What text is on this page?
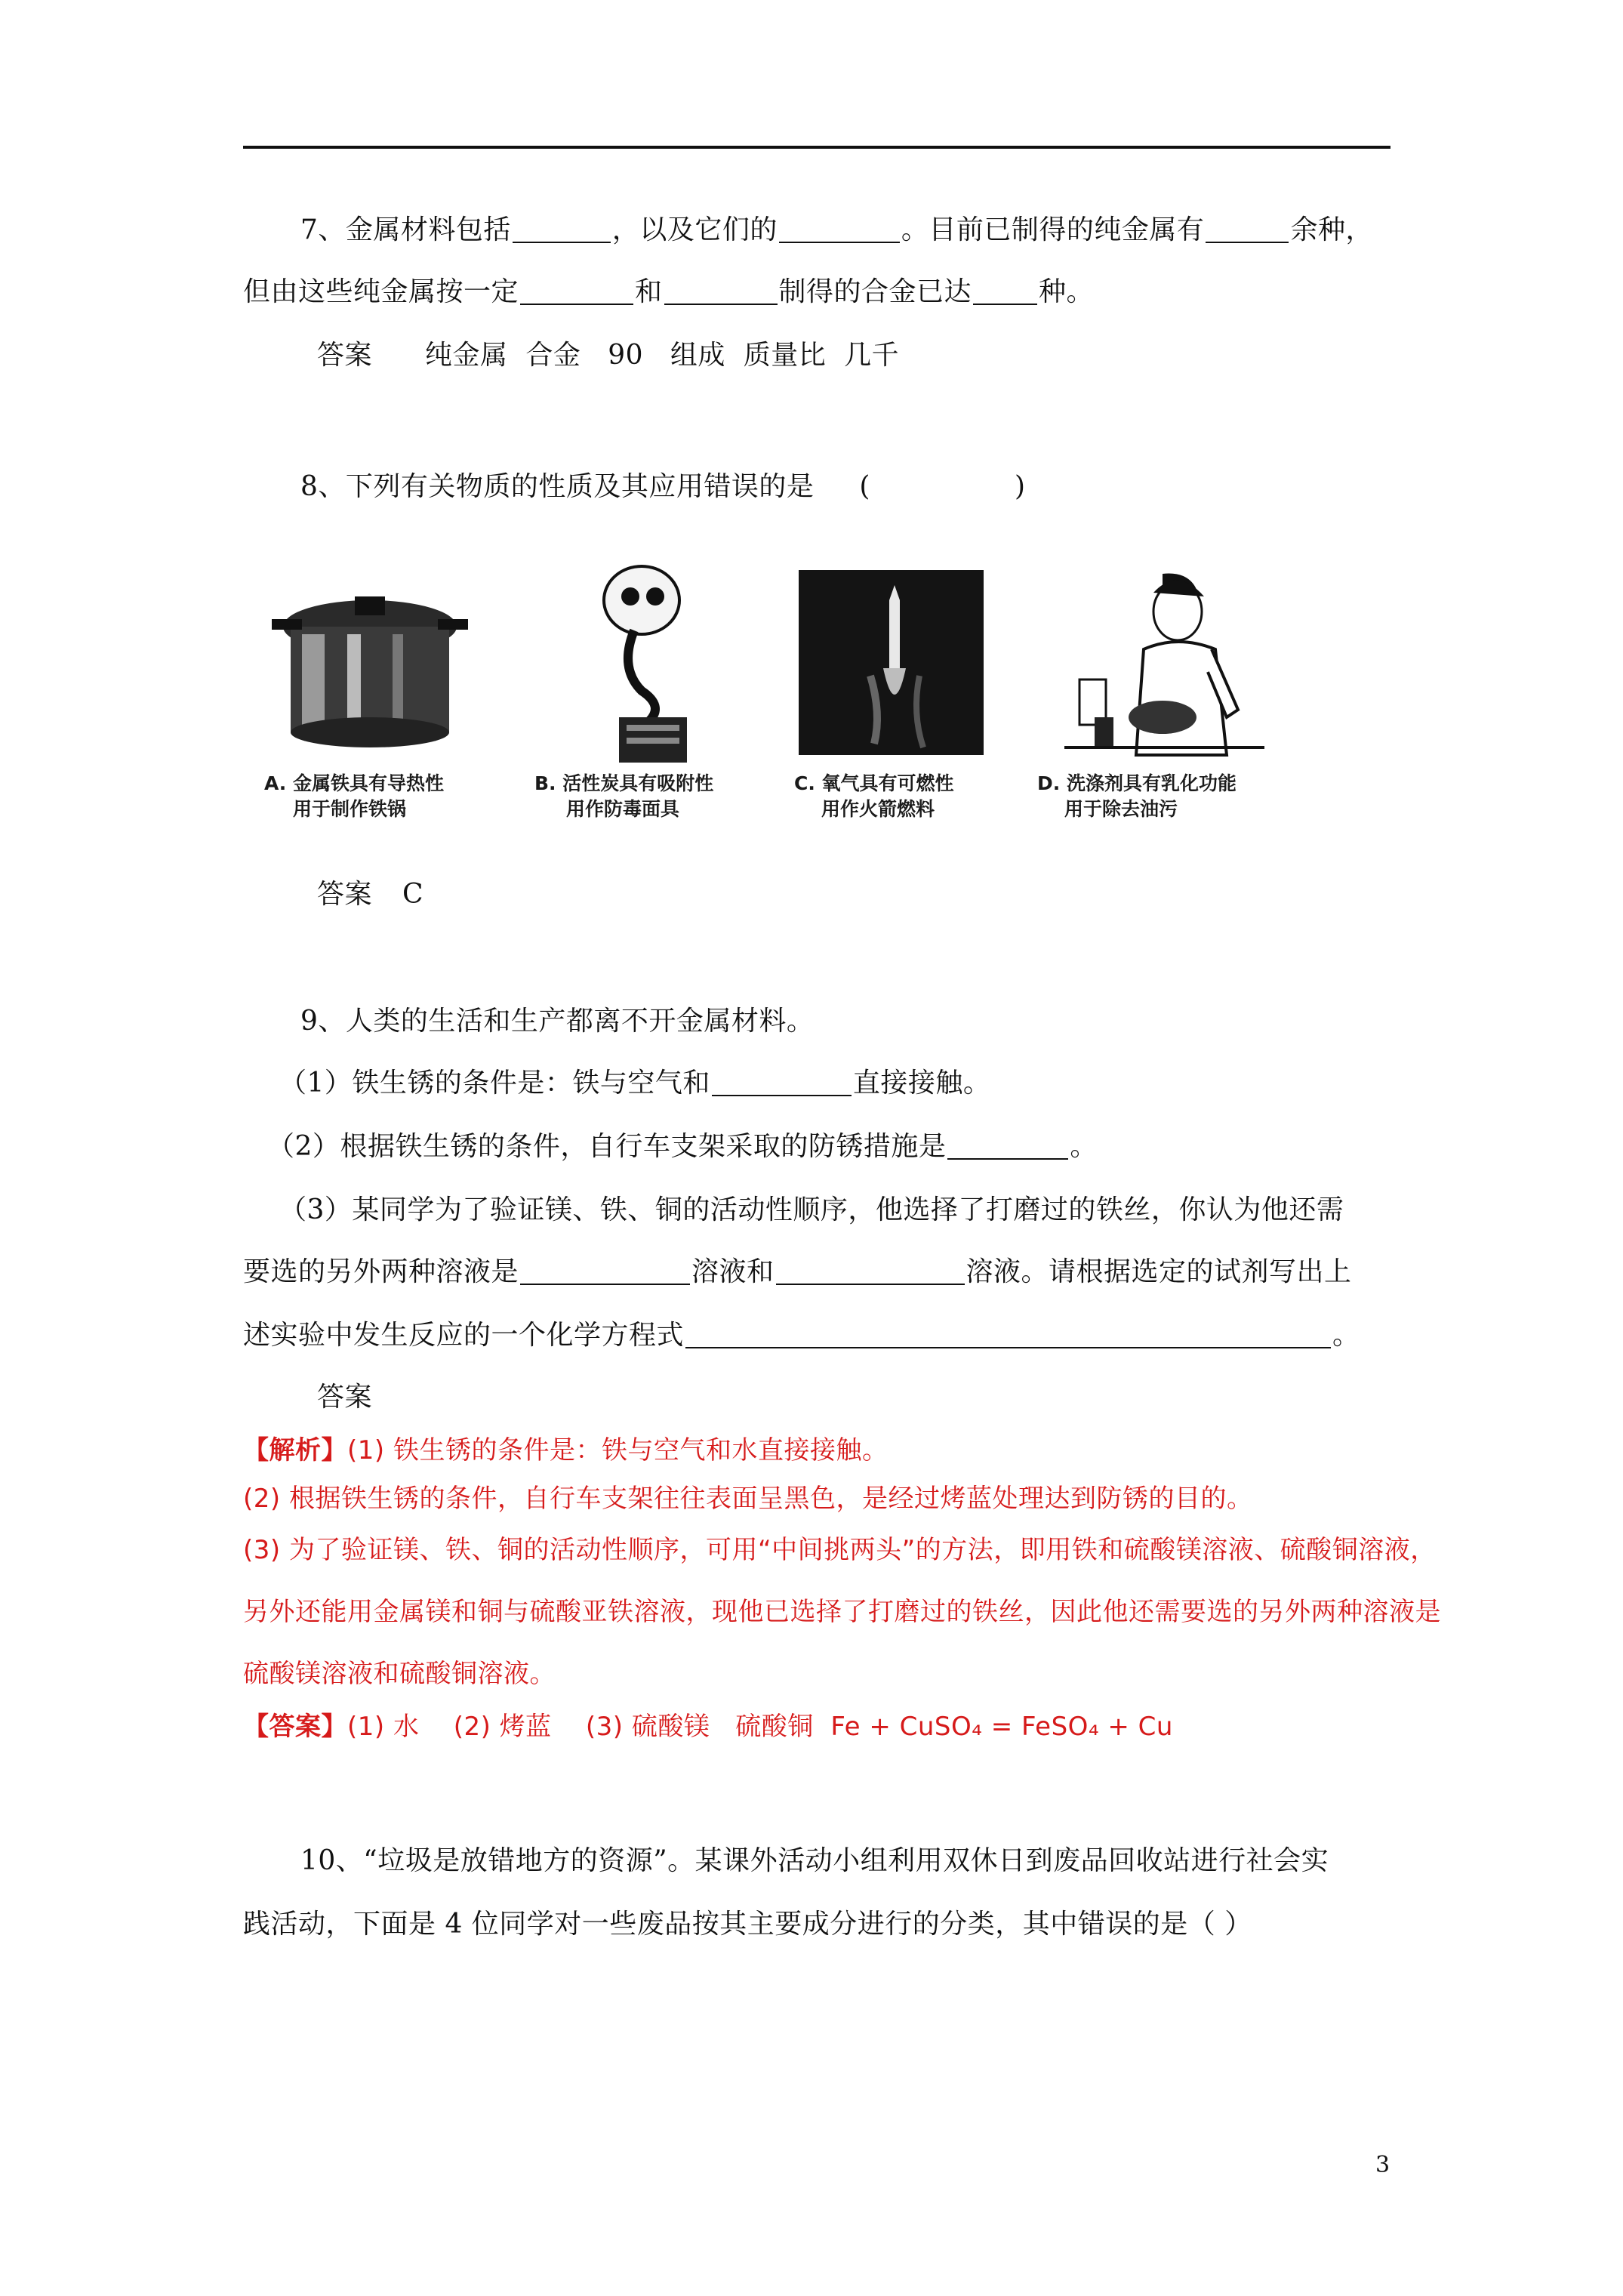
7、金属材料包括	，以及它们的	。目前已制得的纯金属有	余种，
但由这些纯金属按一定	和	制得的合金已达 种。
答案 纯金属  合金   90   组成  质量比  几千
8、下列有关物质的性质及其应用错误的是 (                )
A. 金属铁具有导热性
用于制作铁锅
B. 活性炭具有吸附性
用作防毒面具
C. 氧气具有可燃性
用作火箭燃料
D. 洗涤剂具有乳化功能
用于除去油污
答案 C
9、人类的生活和生产都离不开金属材料。
（1）铁生锈的条件是：铁与空气和	直接接触。
（2）根据铁生锈的条件，自行车支架采取的防锈措施是	。
（3）某同学为了验证镁、铁、铜的活动性顺序，他选择了打磨过的铁丝，你认为他还需
要选的另外两种溶液是	溶液和	溶液。请根据选定的试剂写出上
述实验中发生反应的一个化学方程式	。
答案
【解析】(1) 铁生锈的条件是：铁与空气和水直接接触。
(2) 根据铁生锈的条件，自行车支架往往表面呈黑色，是经过烤蓝处理达到防锈的目的。
(3) 为了验证镁、铁、铜的活动性顺序，可用“中间挑两头”的方法，即用铁和硫酸镁溶液、硫酸铜溶液，
另外还能用金属镁和铜与硫酸亚铁溶液，现他已选择了打磨过的铁丝，因此他还需要选的另外两种溶液是
硫酸镁溶液和硫酸铜溶液。
【答案】(1) 水    (2) 烤蓝    (3) 硫酸镁   硫酸铜  Fe + CuSO₄ = FeSO₄ + Cu
10、“垃圾是放错地方的资源”。某课外活动小组利用双休日到废品回收站进行社会实
践活动，下面是 4 位同学对一些废品按其主要成分进行的分类，其中错误的是（ ）
3
